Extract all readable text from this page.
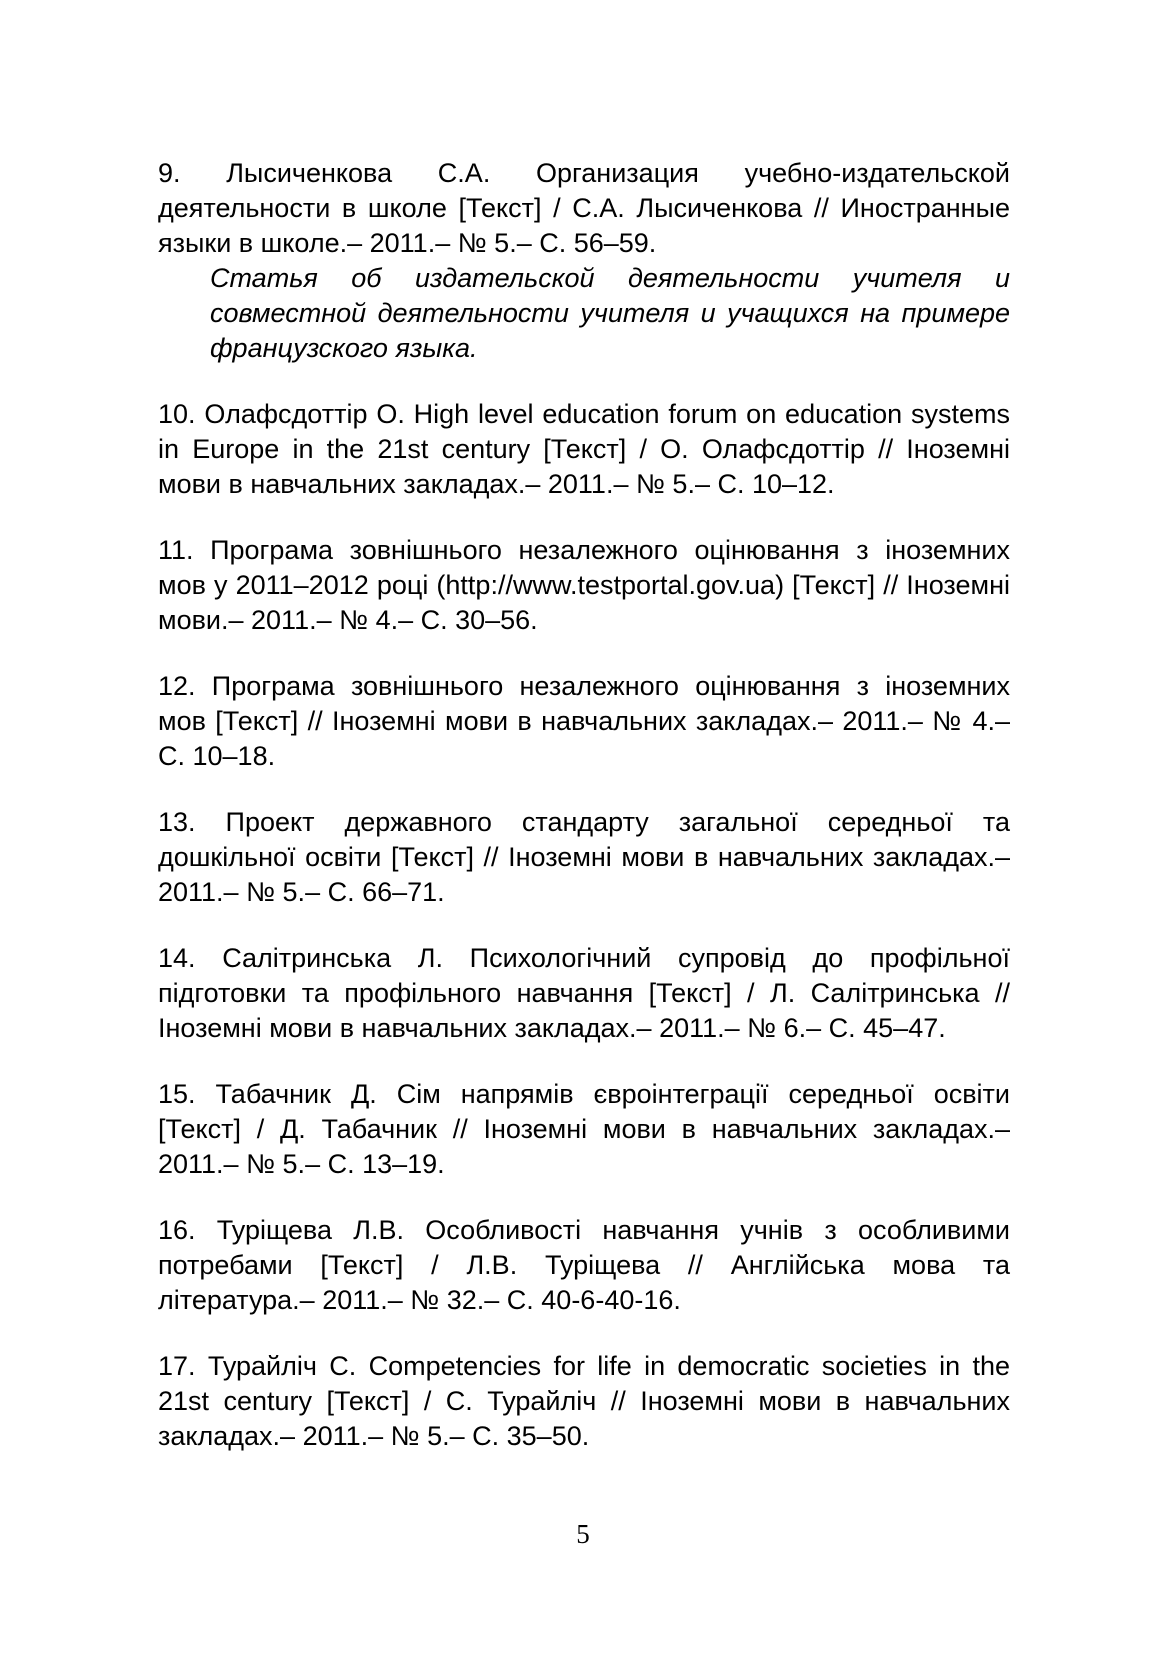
9. Лысиченкова С.А. Организация учебно-издательской деятельности в школе [Текст] / С.А. Лысиченкова // Иностранные языки в школе.– 2011.– № 5.– С. 56–59.
Статья об издательской деятельности учителя и совместной деятельности учителя и учащихся на примере французского языка.
10. Олафсдоттір О. High level education forum on education systems in Europe in the 21st century [Текст] / О. Олафсдоттір // Іноземні мови в навчальних закладах.– 2011.– № 5.– С. 10–12.
11. Програма зовнішнього незалежного оцінювання з іноземних мов у 2011–2012 році (http://www.testportal.gov.ua) [Текст] // Іноземні мови.– 2011.– № 4.– С. 30–56.
12. Програма зовнішнього незалежного оцінювання з іноземних мов [Текст] // Іноземні мови в навчальних закладах.– 2011.– № 4.– С. 10–18.
13. Проект державного стандарту загальної середньої та дошкільної освіти [Текст] // Іноземні мови в навчальних закладах.– 2011.– № 5.– С. 66–71.
14. Салітринська Л. Психологічний супровід до профільної підготовки та профільного навчання [Текст] / Л. Салітринська // Іноземні мови в навчальних закладах.– 2011.– № 6.– С. 45–47.
15. Табачник Д. Сім напрямів євроінтеграції середньої освіти [Текст] / Д. Табачник // Іноземні мови в навчальних закладах.– 2011.– № 5.– С. 13–19.
16. Туріщева Л.В. Особливості навчання учнів з особливими потребами [Текст] / Л.В. Туріщева // Англійська мова та література.– 2011.– № 32.– С. 40-6-40-16.
17. Турайліч С. Competencies for life in democratic societies in the 21st century [Текст] / С. Турайліч // Іноземні мови в навчальних закладах.– 2011.– № 5.– С. 35–50.
5
